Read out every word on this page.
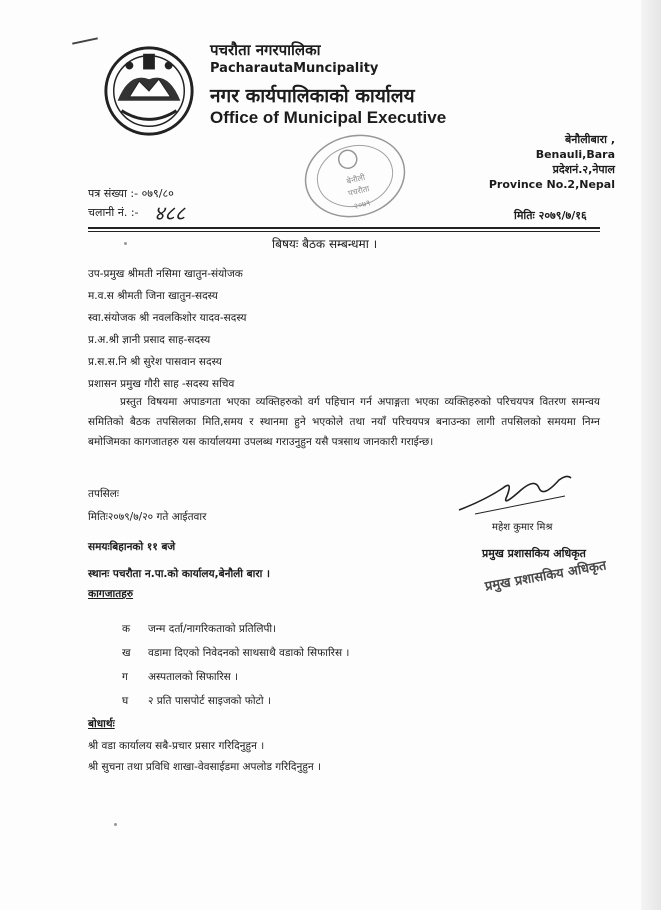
पचरौता नगरपालिका
PacharautaMuncipality
नगर कार्यपालिकाको कार्यालय
Office of Municipal Executive
बेनौलीबारा ,
Benauli,Bara
प्रदेशनं.२,नेपाल
Province No.2,Nepal
बेनौली
पचरौता
२०७९
पत्र संख्या :- ०७९/८०
चलानी नं. :- ४८८	मितिः २०७९/७/१६
बिषयः बैठक सम्बन्धमा ।
उप-प्रमुख श्रीमती नसिमा खातुन-संयोजक
म.व.स श्रीमती जिना खातुन-सदस्य
स्वा.संयोजक श्री नवलकिशोर यादव-सदस्य
प्र.अ.श्री ज्ञानी प्रसाद साह-सदस्य
प्र.स.स.नि श्री सुरेश पासवान सदस्य
प्रशासन प्रमुख गौरी साह -सदस्य सचिव
प्रस्तुत विषयमा अपाङगता भएका व्यक्तिहरुको वर्ग पहिचान गर्न अपाङ्गता भएका व्यक्तिहरुको परिचयपत्र वितरण समन्वय समितिको बैठक तपसिलका मिति,समय र स्थानमा हुने भएकोले तथा नयाँ परिचयपत्र बनाउन्का लागी तपसिलको समयमा निम्न बमोजिमका कागजातहरु यस कार्यालयमा उपलब्ध गराउनुहुन यसै पत्रसाथ जानकारी गराईन्छ।
तपसिलः
मितिः२०७९/७/२० गते आईतवार
समयःबिहानको ११ बजे
स्थानः पचरौता न.पा.को कार्यालय,बेनौली बारा ।
कागजातहरु
क जन्म दर्ता/नागरिकताको प्रतिलिपी।
ख वडामा दिएको निवेदनको साथसाथै वडाको सिफारिस ।
ग अस्पतालको सिफारिस ।
घ २ प्रति पासपोर्ट साइजको फोटो ।
महेश कुमार मिश्र
प्रमुख प्रशासकिय अधिकृत
प्रमुख प्रशासकिय अधिकृत
बोधार्थः
श्री वडा कार्यालय सबै-प्रचार प्रसार गरिदिनुहुन ।
श्री सुचना तथा प्रविधि शाखा-वेवसाईडमा अपलोड गरिदिनुहुन ।
